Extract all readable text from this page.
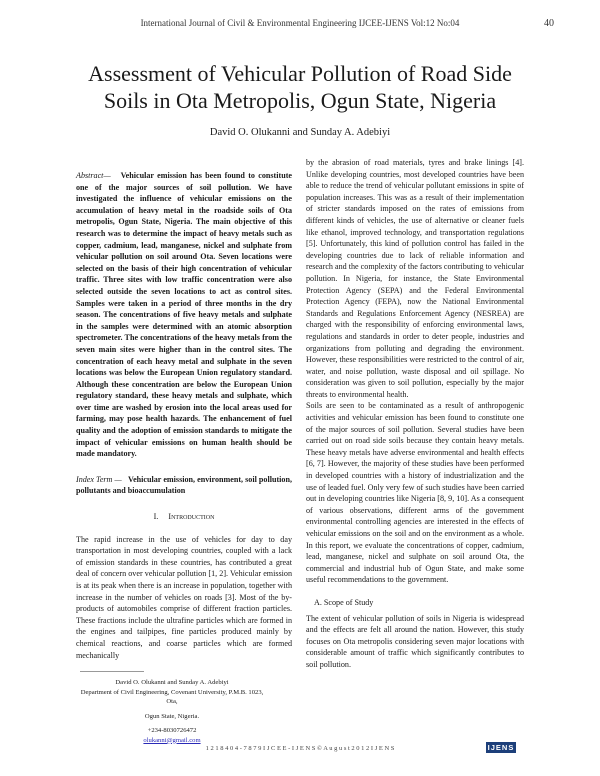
International Journal of Civil & Environmental Engineering IJCEE-IJENS Vol:12 No:04	40
Assessment of Vehicular Pollution of Road Side
Soils in Ota Metropolis, Ogun State, Nigeria
David O. Olukanni and Sunday A. Adebiyi

Abstract— Vehicular emission has been found to constitute one of the major sources of soil pollution. We have investigated the influence of vehicular emissions on the accumulation of heavy metal in the roadside soils of Ota metropolis, Ogun State, Nigeria. The main objective of this research was to determine the impact of heavy metals such as copper, cadmium, lead, manganese, nickel and sulphate from vehicular pollution on soil around Ota. Seven locations were selected on the basis of their high concentration of vehicular traffic. Three sites with low traffic concentration were also selected outside the seven locations to act as control sites. Samples were taken in a period of three months in the dry season. The concentrations of five heavy metals and sulphate in the samples were determined with an atomic absorption spectrometer. The concentrations of the heavy metals from the seven main sites were higher than in the control sites. The concentration of each heavy metal and sulphate in the seven locations was below the European Union regulatory standard. Although these concentration are below the European Union regulatory standard, these heavy metals and sulphate, which over time are washed by erosion into the local areas used for farming, may pose health hazards. The enhancement of fuel quality and the adoption of emission standards to mitigate the impact of vehicular emissions on human health should be made mandatory.

Index Term — Vehicular emission, environment, soil pollution, pollutants and bioaccumulation

I. Introduction

The rapid increase in the use of vehicles for day to day transportation in most developing countries, coupled with a lack of emission standards in these countries, has contributed a great deal of concern over vehicular pollution [1, 2]. Vehicular emission is at its peak when there is an increase in population, together with increase in the number of vehicles on roads [3]. Most of the by-products of automobiles comprise of different fraction particles. These fractions include the ultrafine particles which are formed in the engines and tailpipes, fine particles produced mainly by chemical reactions, and coarse particles which are formed mechanically

David O. Olukanni and Sunday A. Adebiyi
Department of Civil Engineering, Covenant University, P.M.B. 1023, Ota,
Ogun State, Nigeria.
+234-8030726472
olukanni@gmail.com

by the abrasion of road materials, tyres and brake linings [4]. Unlike developing countries, most developed countries have been able to reduce the trend of vehicular pollutant emissions in spite of population increases. This was as a result of their implementation of stricter standards imposed on the rates of emissions from different kinds of vehicles, the use of alternative or cleaner fuels like ethanol, improved technology, and transportation regulations [5]. Unfortunately, this kind of pollution control has failed in the developing countries due to lack of reliable information and research and the complexity of the factors contributing to vehicular pollution. In Nigeria, for instance, the State Environmental Protection Agency (SEPA) and the Federal Environmental Protection Agency (FEPA), now the National Environmental Standards and Regulations Enforcement Agency (NESREA) are charged with the responsibility of enforcing environmental laws, regulations and standards in order to deter people, industries and organizations from polluting and degrading the environment. However, these responsibilities were restricted to the control of air, water, and noise pollution, waste disposal and oil spillage. No consideration was given to soil pollution, especially by the major threats to environmental health.

Soils are seen to be contaminated as a result of anthropogenic activities and vehicular emission has been found to constitute one of the major sources of soil pollution. Several studies have been carried out on road side soils because they contain heavy metals. These heavy metals have adverse environmental and health effects [6, 7]. However, the majority of these studies have been performed in developed countries with a history of industrialization and the use of leaded fuel. Only very few of such studies have been carried out in developing countries like Nigeria [8, 9, 10]. As a consequent of various observations, different arms of the government environmental controlling agencies are interested in the effects of vehicular emissions on the soil and on the environment as a whole. In this report, we evaluate the concentrations of copper, cadmium, lead, manganese, nickel and sulphate on soil around Ota, the commercial and industrial hub of Ogun State, and make some useful recommendations to the government.

A. Scope of Study

The extent of vehicular pollution of soils in Nigeria is widespread and the effects are felt all around the nation. However, this study focuses on Ota metropolis considering seven major locations with considerable amount of traffic which significantly contributes to soil pollution.

1 2 1 8 4 0 4 - 7 8 7 9 I J C E E - I J E N S © A u g u s t 2 0 1 2 I J E N S	IJENS
